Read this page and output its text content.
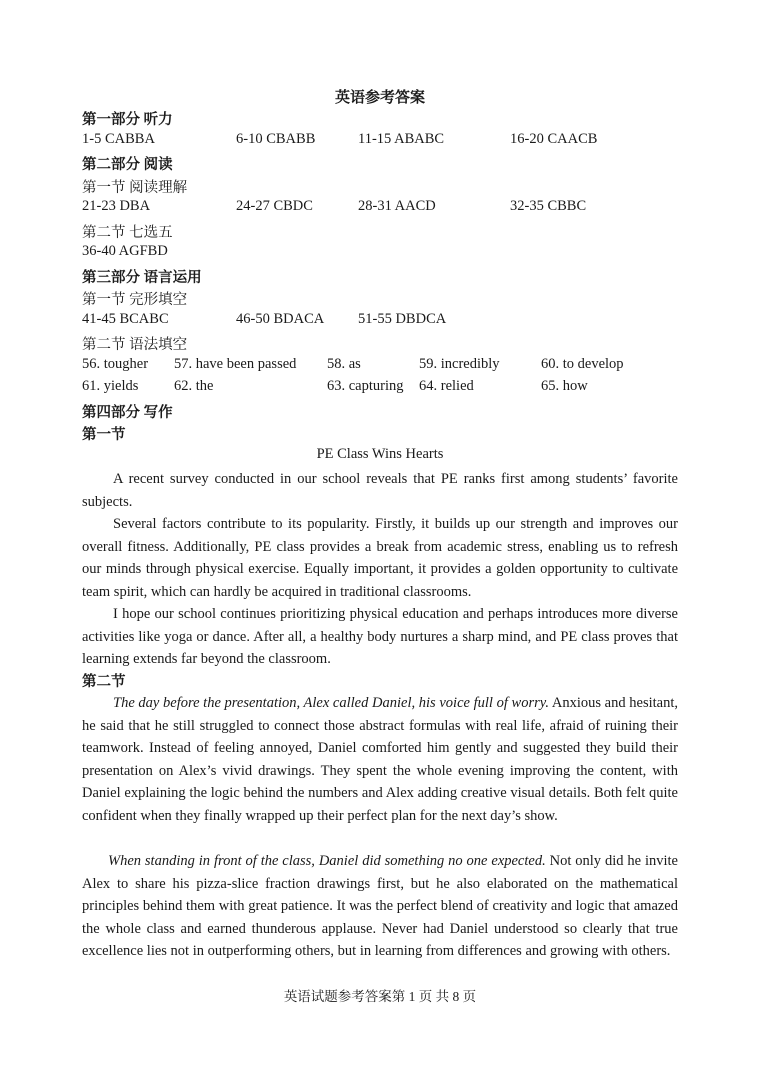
英语参考答案
第一部分 听力
1-5 CABBA	6-10 CBABB	11-15 ABABC	16-20 CAACB
第二部分 阅读
第一节 阅读理解
21-23 DBA	24-27 CBDC	28-31 AACD	32-35 CBBC
第二节 七选五
36-40 AGFBD
第三部分 语言运用
第一节 完形填空
41-45 BCABC	46-50 BDACA 51-55 DBDCA
第二节 语法填空
56. tougher 57. have been passed 58. as	59. incredibly	60. to develop
61. yields 62. the	63. capturing 64. relied	65. how
第四部分 写作
第一节
PE Class Wins Hearts
A recent survey conducted in our school reveals that PE ranks first among students’ favorite subjects.
Several factors contribute to its popularity. Firstly, it builds up our strength and improves our overall fitness. Additionally, PE class provides a break from academic stress, enabling us to refresh our minds through physical exercise. Equally important, it provides a golden opportunity to cultivate team spirit, which can hardly be acquired in traditional classrooms.
I hope our school continues prioritizing physical education and perhaps introduces more diverse activities like yoga or dance. After all, a healthy body nurtures a sharp mind, and PE class proves that learning extends far beyond the classroom.
第二节
The day before the presentation, Alex called Daniel, his voice full of worry. Anxious and hesitant, he said that he still struggled to connect those abstract formulas with real life, afraid of ruining their teamwork. Instead of feeling annoyed, Daniel comforted him gently and suggested they build their presentation on Alex’s vivid drawings. They spent the whole evening improving the content, with Daniel explaining the logic behind the numbers and Alex adding creative visual details. Both felt quite confident when they finally wrapped up their perfect plan for the next day’s show.
When standing in front of the class, Daniel did something no one expected. Not only did he invite Alex to share his pizza-slice fraction drawings first, but he also elaborated on the mathematical principles behind them with great patience. It was the perfect blend of creativity and logic that amazed the whole class and earned thunderous applause. Never had Daniel understood so clearly that true excellence lies not in outperforming others, but in learning from differences and growing with others.
英语试题参考答案第 1 页 共 8 页
